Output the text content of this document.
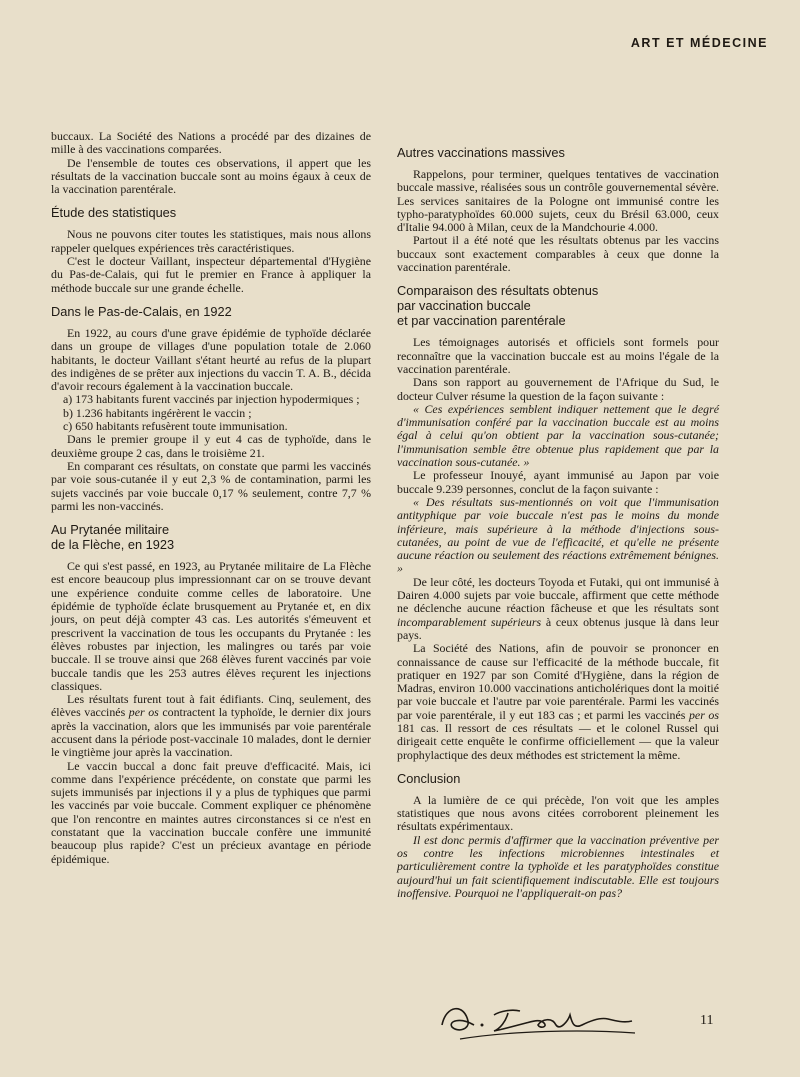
ART ET MÉDECINE

buccaux. La Société des Nations a procédé par des dizaines de mille à des vaccinations comparées.

De l'ensemble de toutes ces observations, il appert que les résultats de la vaccination buccale sont au moins égaux à ceux de la vaccination parentérale.

Étude des statistiques

Nous ne pouvons citer toutes les statistiques, mais nous allons rappeler quelques expériences très caractéristiques.

C'est le docteur Vaillant, inspecteur départemental d'Hygiène du Pas-de-Calais, qui fut le premier en France à appliquer la méthode buccale sur une grande échelle.

Dans le Pas-de-Calais, en 1922

En 1922, au cours d'une grave épidémie de typhoïde déclarée dans un groupe de villages d'une population totale de 2.060 habitants, le docteur Vaillant s'étant heurté au refus de la plupart des indigènes de se prêter aux injections du vaccin T. A. B., décida d'avoir recours également à la vaccination buccale.

a) 173 habitants furent vaccinés par injection hypodermiques ;

b) 1.236 habitants ingérèrent le vaccin ;

c) 650 habitants refusèrent toute immunisation.

Dans le premier groupe il y eut 4 cas de typhoïde, dans le deuxième groupe 2 cas, dans le troisième 21.

En comparant ces résultats, on constate que parmi les vaccinés par voie sous-cutanée il y eut 2,3 % de contamination, parmi les sujets vaccinés par voie buccale 0,17 % seulement, contre 7,7 % parmi les non-vaccinés.

Au Prytanée militaire
de la Flèche, en 1923

Ce qui s'est passé, en 1923, au Prytanée militaire de La Flèche est encore beaucoup plus impressionnant car on se trouve devant une expérience conduite comme celles de laboratoire. Une épidémie de typhoïde éclate brusquement au Prytanée et, en dix jours, on peut déjà compter 43 cas. Les autorités s'émeuvent et prescrivent la vaccination de tous les occupants du Prytanée : les élèves robustes par injection, les malingres ou tarés par voie buccale. Il se trouve ainsi que 268 élèves furent vaccinés par voie buccale tandis que les 253 autres élèves reçurent les injections classiques.

Les résultats furent tout à fait édifiants. Cinq, seulement, des élèves vaccinés per os contractent la typhoïde, le dernier dix jours après la vaccination, alors que les immunisés par voie parentérale accusent dans la période post-vaccinale 10 malades, dont le dernier le vingtième jour après la vaccination.

Le vaccin buccal a donc fait preuve d'efficacité. Mais, ici comme dans l'expérience précédente, on constate que parmi les sujets immunisés par injections il y a plus de typhiques que parmi les vaccinés par voie buccale. Comment expliquer ce phénomène que l'on rencontre en maintes autres circonstances si ce n'est en constatant que la vaccination buccale confère une immunité beaucoup plus rapide? C'est un précieux avantage en période épidémique.

Autres vaccinations massives

Rappelons, pour terminer, quelques tentatives de vaccination buccale massive, réalisées sous un contrôle gouvernemental sévère. Les services sanitaires de la Pologne ont immunisé contre les typho-paratyphoïdes 60.000 sujets, ceux du Brésil 63.000, ceux d'Italie 94.000 à Milan, ceux de la Mandchourie 4.000.

Partout il a été noté que les résultats obtenus par les vaccins buccaux sont exactement comparables à ceux que donne la vaccination parentérale.

Comparaison des résultats obtenus
par vaccination buccale
et par vaccination parentérale

Les témoignages autorisés et officiels sont formels pour reconnaître que la vaccination buccale est au moins l'égale de la vaccination parentérale.

Dans son rapport au gouvernement de l'Afrique du Sud, le docteur Culver résume la question de la façon suivante :

« Ces expériences semblent indiquer nettement que le degré d'immunisation conféré par la vaccination buccale est au moins égal à celui qu'on obtient par la vaccination sous-cutanée; l'immunisation semble être obtenue plus rapidement que par la vaccination sous-cutanée. »

Le professeur Inouyé, ayant immunisé au Japon par voie buccale 9.239 personnes, conclut de la façon suivante :

« Des résultats sus-mentionnés on voit que l'immunisation antityphique par voie buccale n'est pas le moins du monde inférieure, mais supérieure à la méthode d'injections sous-cutanées, au point de vue de l'efficacité, et qu'elle ne présente aucune réaction ou seulement des réactions extrêmement bénignes. »

De leur côté, les docteurs Toyoda et Futaki, qui ont immunisé à Dairen 4.000 sujets par voie buccale, affirment que cette méthode ne déclenche aucune réaction fâcheuse et que les résultats sont incomparablement supérieurs à ceux obtenus jusque là dans leur pays.

La Société des Nations, afin de pouvoir se prononcer en connaissance de cause sur l'efficacité de la méthode buccale, fit pratiquer en 1927 par son Comité d'Hygiène, dans la région de Madras, environ 10.000 vaccinations anticholériques dont la moitié par voie buccale et l'autre par voie parentérale. Parmi les vaccinés par voie parentérale, il y eut 183 cas ; et parmi les vaccinés per os 181 cas. Il ressort de ces résultats — et le colonel Russel qui dirigeait cette enquête le confirme officiellement — que la valeur prophylactique des deux méthodes est strictement la même.

Conclusion

A la lumière de ce qui précède, l'on voit que les amples statistiques que nous avons citées corroborent pleinement les résultats expérimentaux.

Il est donc permis d'affirmer que la vaccination préventive per os contre les infections microbiennes intestinales et particulièrement contre la typhoïde et les paratyphoïdes constitue aujourd'hui un fait scientifiquement indiscutable. Elle est toujours inoffensive. Pourquoi ne l'appliquerait-on pas?

11
